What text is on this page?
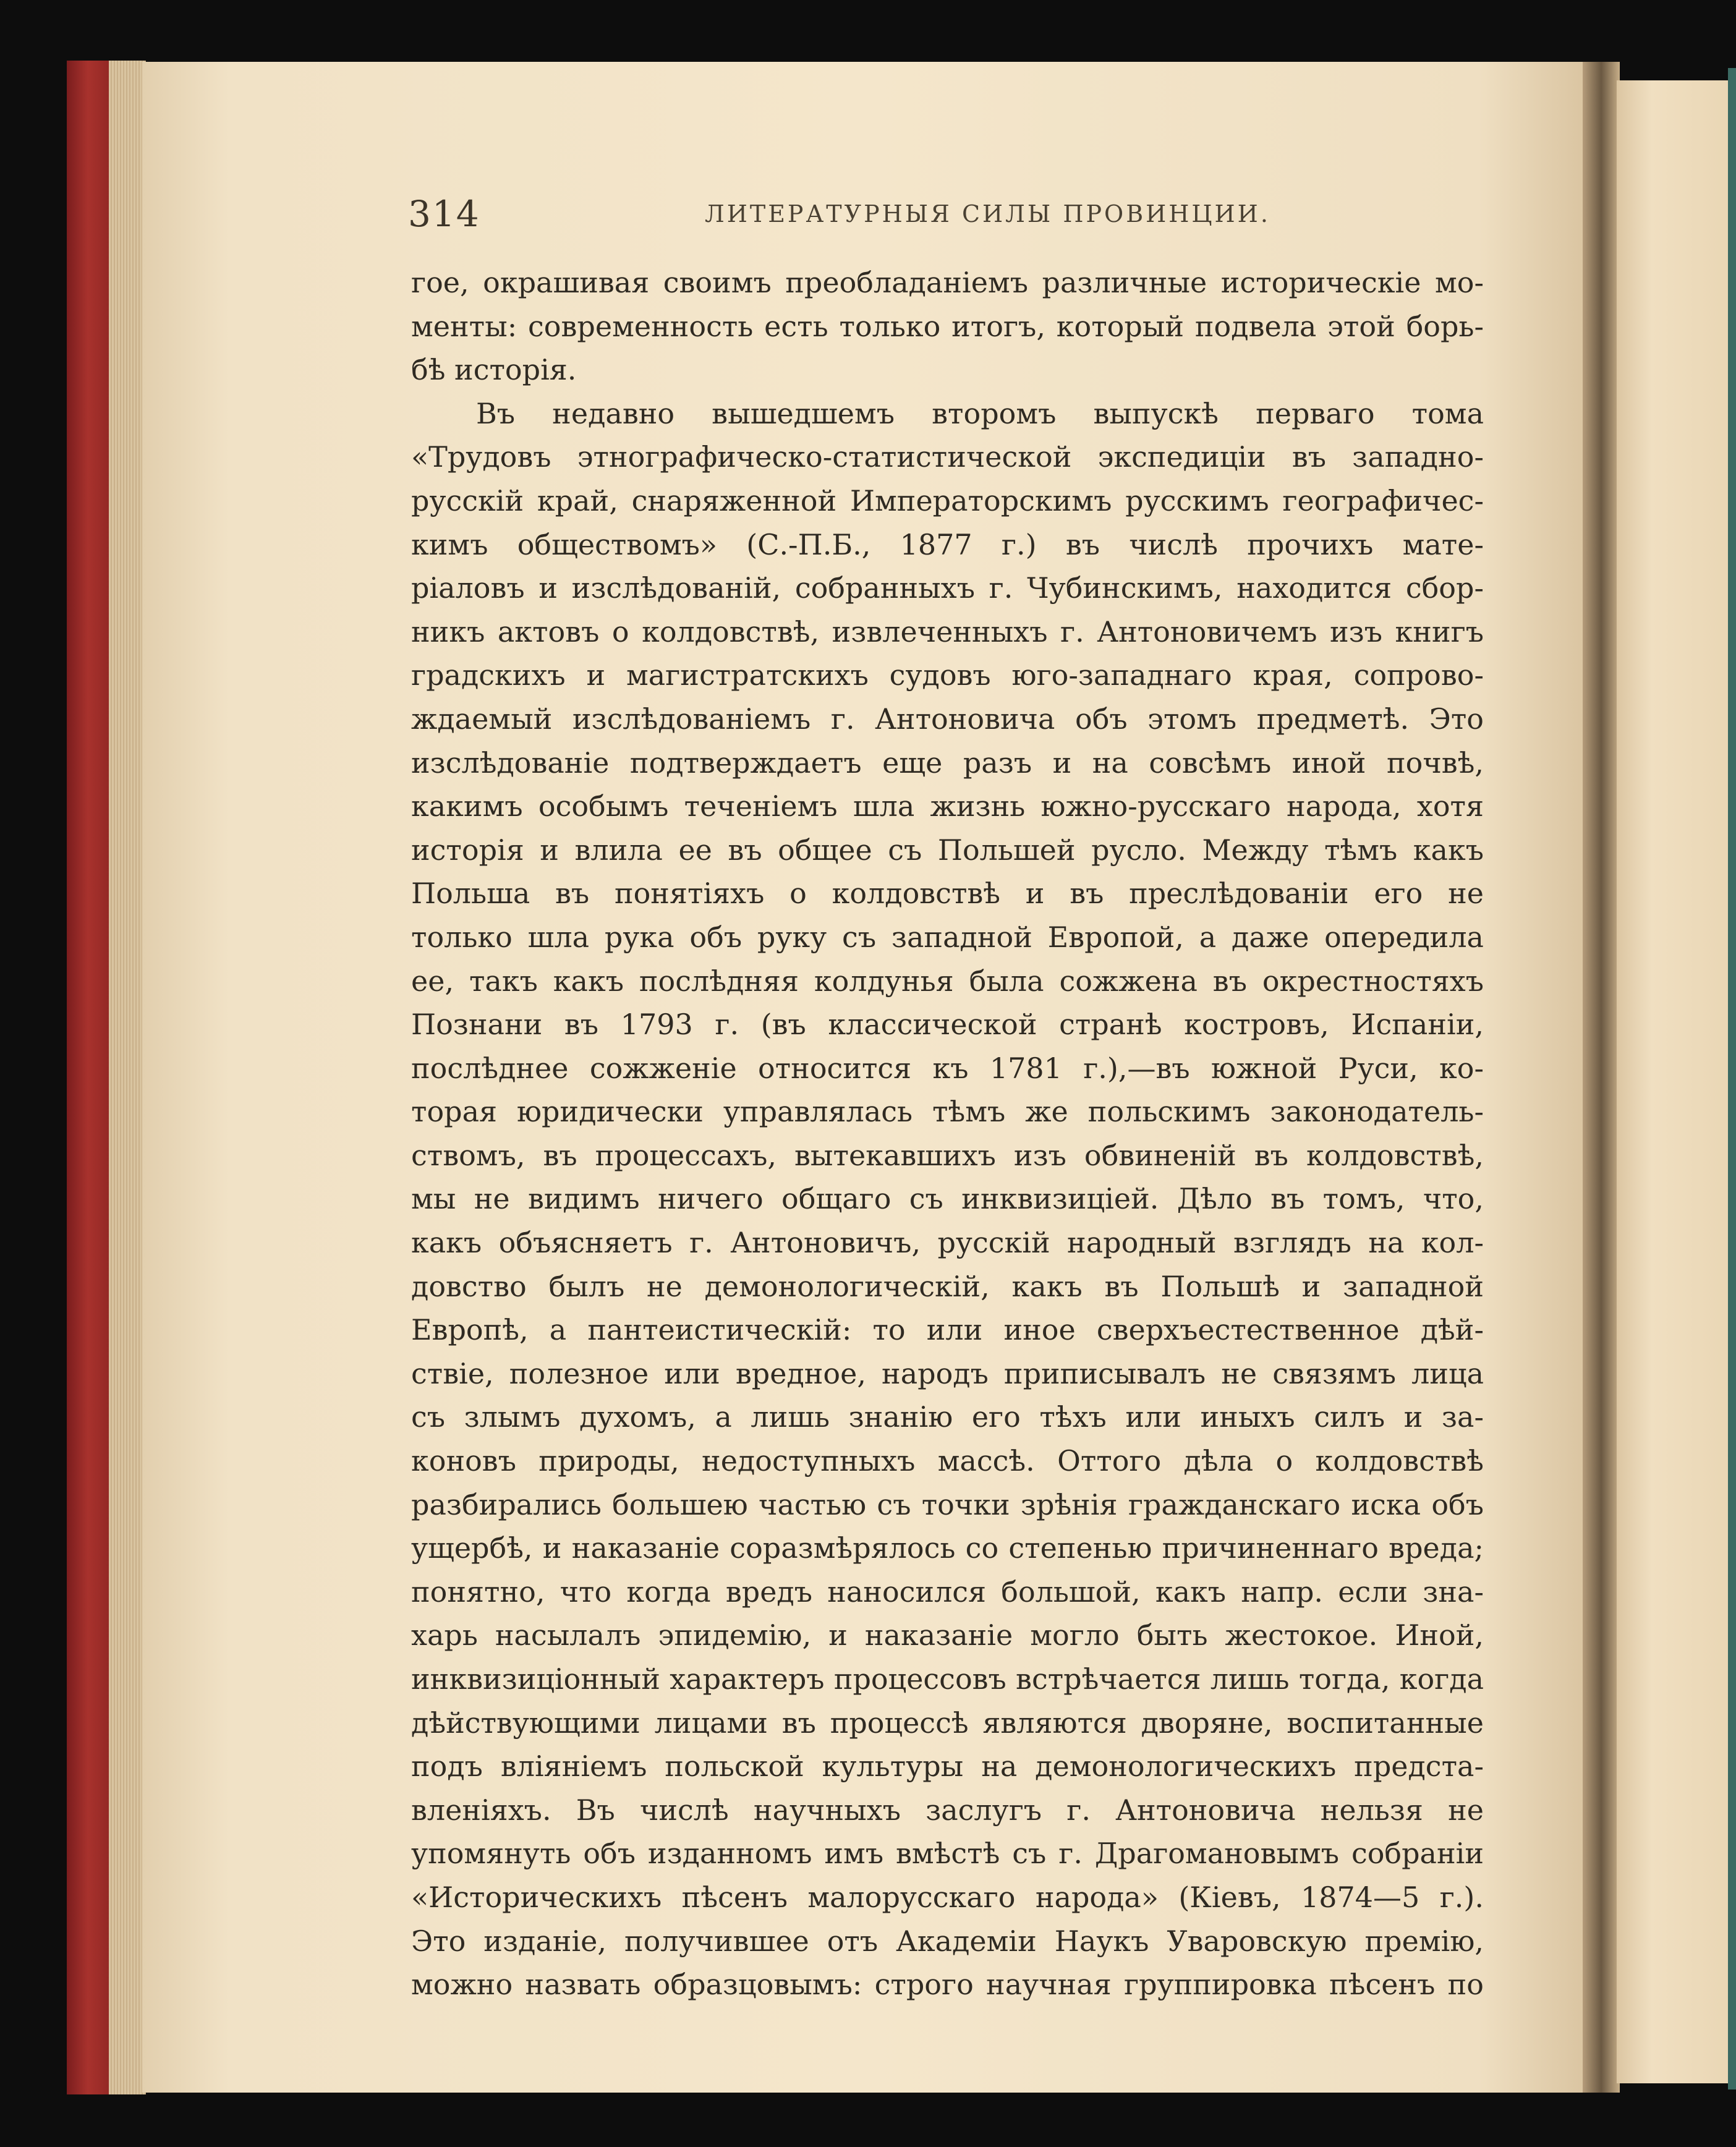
314	ЛИТЕРАТУРНЫЯ СИЛЫ ПРОВИНЦИИ.

гое, окрашивая своимъ преобладаніемъ различные историческіе мо-
менты: современность есть только итогъ, который подвела этой борь-
бѣ исторія.
Въ недавно вышедшемъ второмъ выпускѣ перваго тома
«Трудовъ этнографическо-статистической экспедиціи въ западно-
русскій край, снаряженной Императорскимъ русскимъ географичес-
кимъ обществомъ» (С.-П.Б., 1877 г.) въ числѣ прочихъ мате-
ріаловъ и изслѣдованій, собранныхъ г. Чубинскимъ, находится сбор-
никъ актовъ о колдовствѣ, извлеченныхъ г. Антоновичемъ изъ книгъ
градскихъ и магистратскихъ судовъ юго-западнаго края, сопрово-
ждаемый изслѣдованіемъ г. Антоновича объ этомъ предметѣ. Это
изслѣдованіе подтверждаетъ еще разъ и на совсѣмъ иной почвѣ,
какимъ особымъ теченіемъ шла жизнь южно-русскаго народа, хотя
исторія и влила ее въ общее съ Польшей русло. Между тѣмъ какъ
Польша въ понятіяхъ о колдовствѣ и въ преслѣдованіи его не
только шла рука объ руку съ западной Европой, а даже опередила
ее, такъ какъ послѣдняя колдунья была сожжена въ окрестностяхъ
Познани въ 1793 г. (въ классической странѣ костровъ, Испаніи,
послѣднее сожженіе относится къ 1781 г.),—въ южной Руси, ко-
торая юридически управлялась тѣмъ же польскимъ законодатель-
ствомъ, въ процессахъ, вытекавшихъ изъ обвиненій въ колдовствѣ,
мы не видимъ ничего общаго съ инквизиціей. Дѣло въ томъ, что,
какъ объясняетъ г. Антоновичъ, русскій народный взглядъ на кол-
довство былъ не демонологическій, какъ въ Польшѣ и западной
Европѣ, а пантеистическій: то или иное сверхъестественное дѣй-
ствіе, полезное или вредное, народъ приписывалъ не связямъ лица
съ злымъ духомъ, а лишь знанію его тѣхъ или иныхъ силъ и за-
коновъ природы, недоступныхъ массѣ. Оттого дѣла о колдовствѣ
разбирались большею частью съ точки зрѣнія гражданскаго иска объ
ущербѣ, и наказаніе соразмѣрялось со степенью причиненнаго вреда;
понятно, что когда вредъ наносился большой, какъ напр. если зна-
харь насылалъ эпидемію, и наказаніе могло быть жестокое. Иной,
инквизиціонный характеръ процессовъ встрѣчается лишь тогда, когда
дѣйствующими лицами въ процессѣ являются дворяне, воспитанные
подъ вліяніемъ польской культуры на демонологическихъ предста-
вленіяхъ. Въ числѣ научныхъ заслугъ г. Антоновича нельзя не
упомянуть объ изданномъ имъ вмѣстѣ съ г. Драгомановымъ собраніи
«Историческихъ пѣсенъ малорусскаго народа» (Кіевъ, 1874—5 г.).
Это изданіе, получившее отъ Академіи Наукъ Уваровскую премію,
можно назвать образцовымъ: строго научная группировка пѣсенъ по
